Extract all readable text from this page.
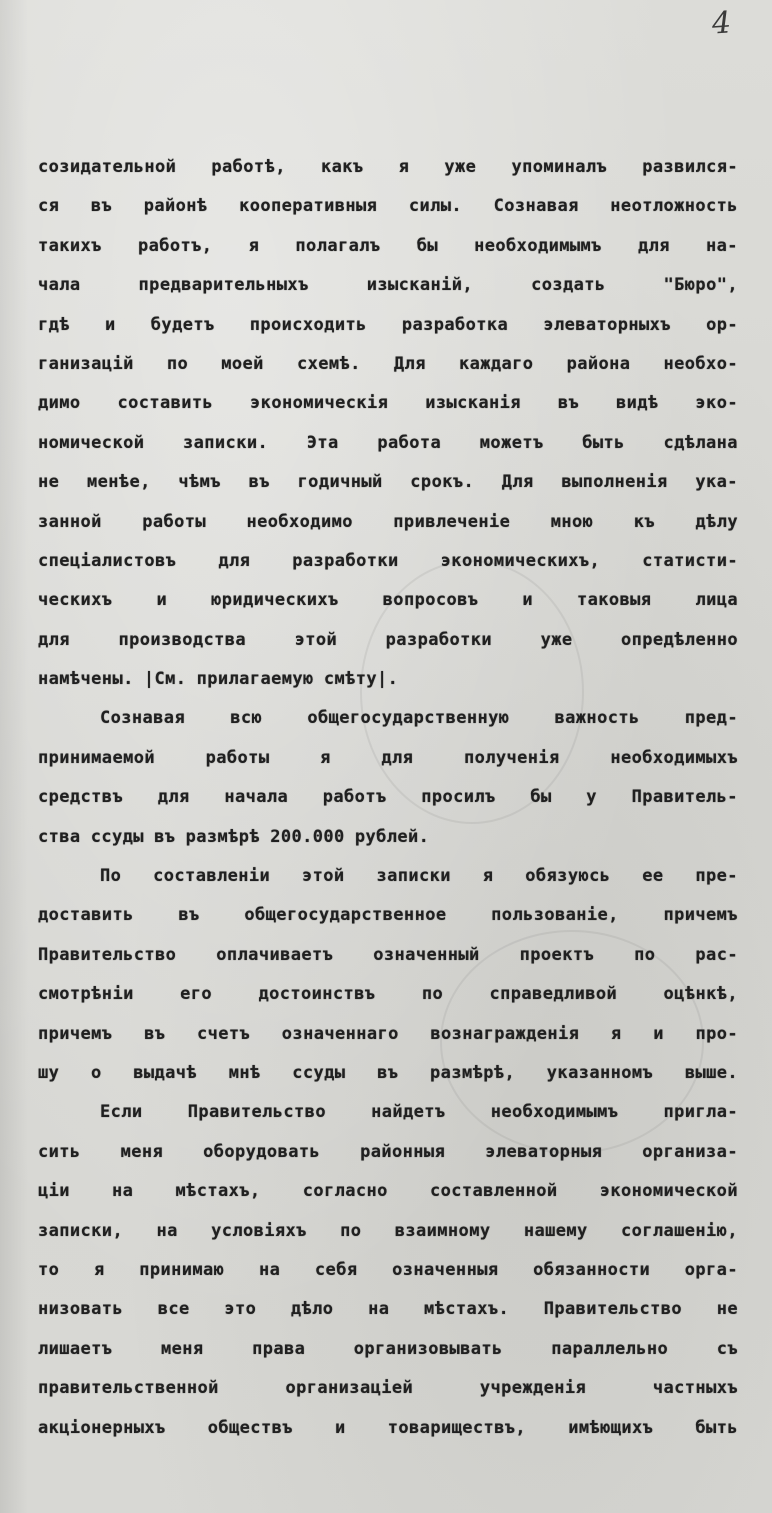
4
созидательной работѣ, какъ я уже упоминалъ развился-
ся въ районѣ кооперативныя силы. Сознавая неотложность
такихъ работъ, я полагалъ бы необходимымъ для на-
чала	предварительныхъ	изысканій,	создать	"Бюро",
гдѣ и будетъ происходить разработка элеваторныхъ ор-
ганизацій по моей схемѣ. Для каждаго района необхо-
димо составить экономическія изысканія въ видѣ эко-
номической записки. Эта работа можетъ быть сдѣлана
не менѣе, чѣмъ въ годичный срокъ. Для выполненія ука-
занной работы необходимо привлеченіе мною къ дѣлу
спеціалистовъ для разработки экономическихъ, статисти-
ческихъ	и	юридическихъ	вопросовъ	и	таковыя	лица
для	производства	этой	разработки	уже	опредѣленно
намѣчены. |См. прилагаемую смѣту|.
Сознавая	всю	общегосударственную	важность	пред-
принимаемой	работы	я	для	полученія	необходимыхъ
средствъ для начала работъ просилъ бы у Правитель-
ства ссуды въ размѣрѣ 200.000 рублей.
По составленіи этой записки я обязуюсь ее пре-
доставить	въ	общегосударственное	пользованіе,	причемъ
Правительство оплачиваетъ означенный проектъ по рас-
смотрѣніи	его	достоинствъ	по	справедливой	оцѣнкѣ,
причемъ въ счетъ означеннаго вознагражденія я и про-
шу о выдачѣ мнѣ ссуды въ размѣрѣ, указанномъ выше.
Если	Правительство	найдетъ	необходимымъ	пригла-
сить меня оборудовать районныя элеваторныя организа-
ціи на мѣстахъ, согласно составленной экономической
записки, на условіяхъ по взаимному нашему соглашенію,
то я принимаю на себя означенныя обязанности орга-
низовать все это дѣло на мѣстахъ. Правительство не
лишаетъ	меня	права	организовывать	параллельно	съ
правительственной	организаціей	учрежденія	частныхъ
акціонерныхъ обществъ и товариществъ, имѣющихъ быть
